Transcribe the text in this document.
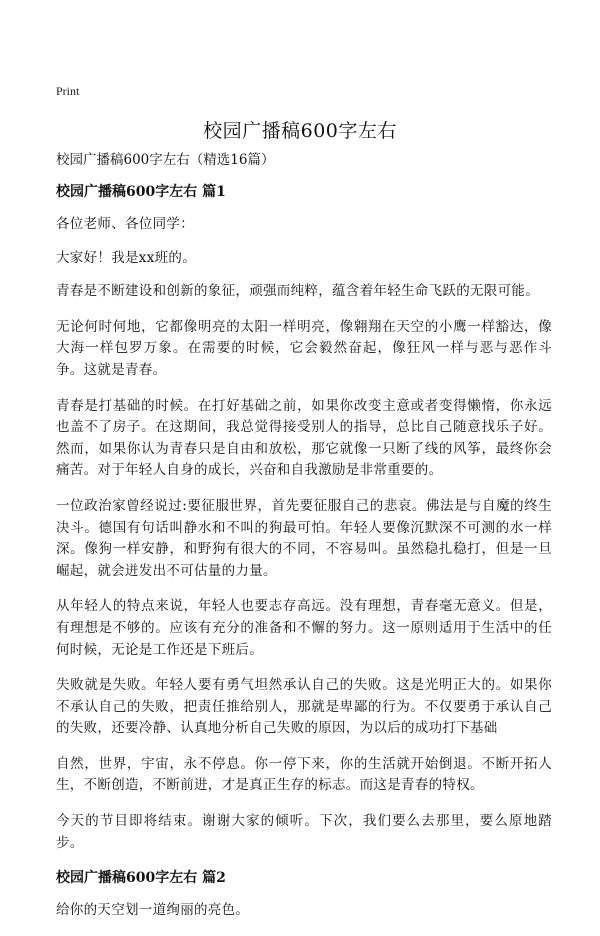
Print
校园广播稿600字左右
校园广播稿600字左右（精选16篇）
校园广播稿600字左右 篇1

各位老师、各位同学：

大家好！我是xx班的。

青春是不断建设和创新的象征，顽强而纯粹，蕴含着年轻生命飞跃的无限可能。

无论何时何地，它都像明亮的太阳一样明亮，像翱翔在天空的小鹰一样豁达，像大海一样包罗万象。在需要的时候，它会毅然奋起，像狂风一样与恶与恶作斗争。这就是青春。

青春是打基础的时候。在打好基础之前，如果你改变主意或者变得懒惰，你永远也盖不了房子。在这期间，我总觉得接受别人的指导，总比自己随意找乐子好。然而，如果你认为青春只是自由和放松，那它就像一只断了线的风筝，最终你会痛苦。对于年轻人自身的成长，兴奋和自我激励是非常重要的。

一位政治家曾经说过:要征服世界，首先要征服自己的悲哀。佛法是与自魔的终生决斗。德国有句话叫静水和不叫的狗最可怕。年轻人要像沉默深不可测的水一样深。像狗一样安静，和野狗有很大的不同，不容易叫。虽然稳扎稳打，但是一旦崛起，就会迸发出不可估量的力量。

从年轻人的特点来说，年轻人也要志存高远。没有理想，青春毫无意义。但是，有理想是不够的。应该有充分的准备和不懈的努力。这一原则适用于生活中的任何时候，无论是工作还是下班后。

失败就是失败。年轻人要有勇气坦然承认自己的失败。这是光明正大的。如果你不承认自己的失败，把责任推给别人，那就是卑鄙的行为。不仅要勇于承认自己的失败，还要冷静、认真地分析自己失败的原因，为以后的成功打下基础

自然，世界，宇宙，永不停息。你一停下来，你的生活就开始倒退。不断开拓人生，不断创造，不断前进，才是真正生存的标志。而这是青春的特权。

今天的节目即将结束。谢谢大家的倾听。下次，我们要么去那里，要么原地踏步。

校园广播稿600字左右 篇2

给你的天空划一道绚丽的亮色。
